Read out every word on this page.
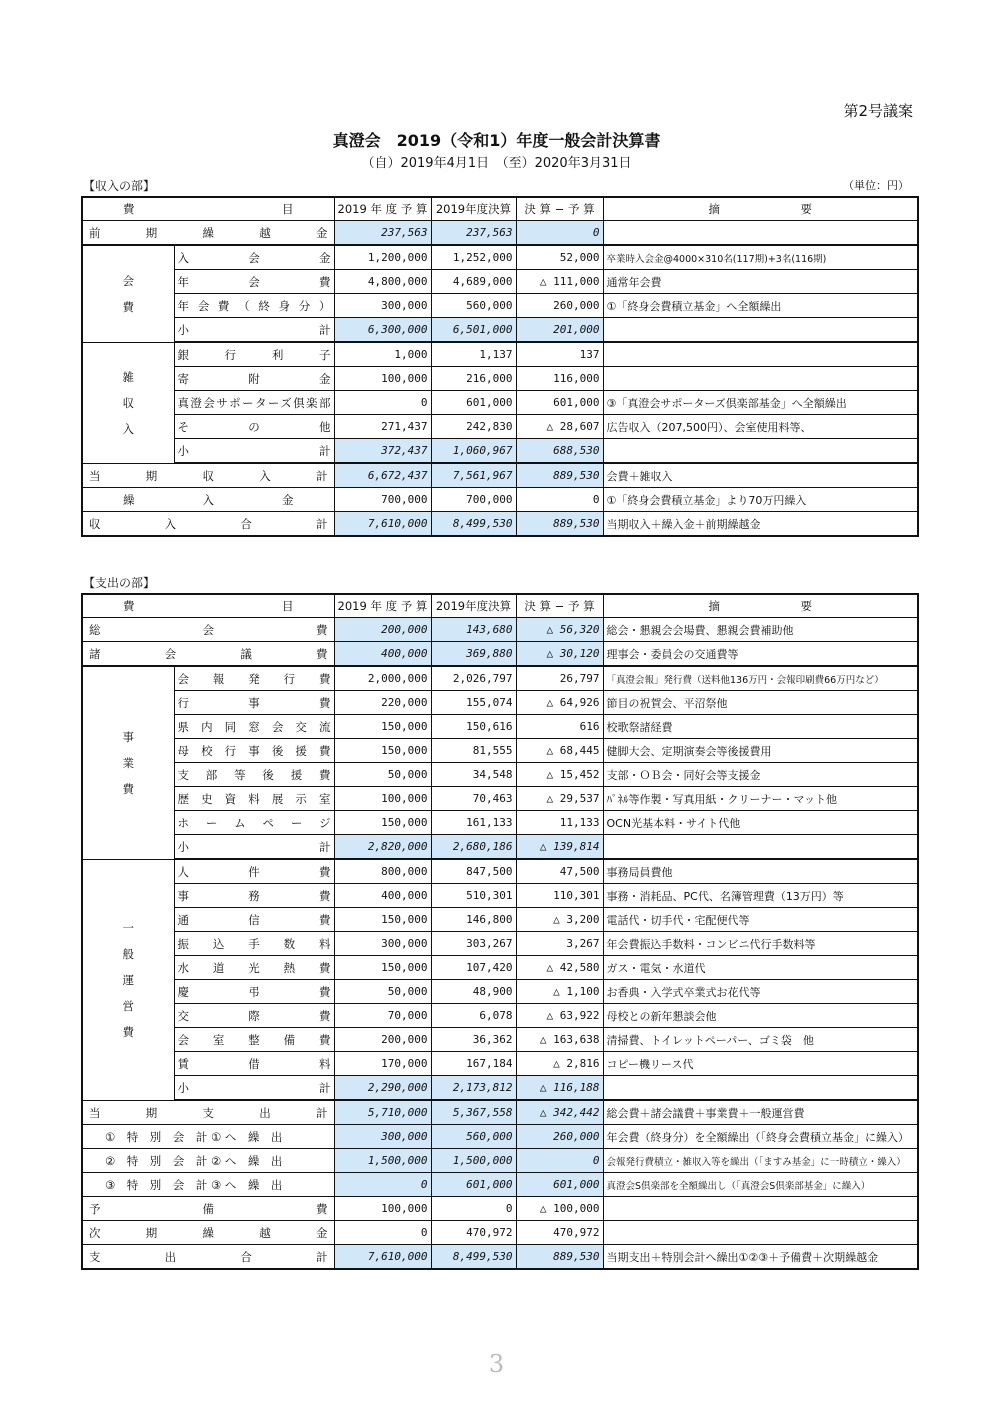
第2号議案
真澄会　2019（令和1）年度一般会計決算書
（自）2019年4月1日　（至）2020年3月31日
【収入の部】	（単位：円）
費　　　　　　　目		2019 年 度 予 算	2019年度決算	決 算 − 予 算	摘　　　　　　　要
前期繰越金		237,563	237,563	0	

会
費	入会金	1,200,000	1,252,000	52,000	卒業時入会金@4000×310名(117期)+3名(116期)
	年会費	4,800,000	4,689,000	△ 111,000	通常年会費
	年会費（終身分）	300,000	560,000	260,000	①「終身会費積立基金」へ全額繰出
	小　　　　　　計	6,300,000	6,501,000	201,000	

雑
収
入	銀行利子	1,000	1,137	137	
	寄附金	100,000	216,000	116,000	
	真澄会サポーターズ倶楽部	0	601,000	601,000	③「真澄会サポーターズ倶楽部基金」へ全額繰出
	その他	271,437	242,830	△ 28,607	広告収入（207,500円）、会室使用料等、
	小　　　　　　計	372,437	1,060,967	688,530	
当期収入計		6,672,437	7,561,967	889,530	会費＋雑収入
繰入金		700,000	700,000	0	①「終身会費積立基金」より70万円繰入
収入合計		7,610,000	8,499,530	889,530	当期収入＋繰入金＋前期繰越金
【支出の部】
費　　　　　　　目		2019 年 度 予 算	2019年度決算	決 算 − 予 算	摘　　　　　　　要
総会費		200,000	143,680	△ 56,320	総会・懇親会会場費、懇親会費補助他
諸会議費		400,000	369,880	△ 30,120	理事会・委員会の交通費等

事
業
費	会報発行費	2,000,000	2,026,797	26,797	「真澄会報」発行費（送料他136万円・会報印刷費66万円など）
	行事費	220,000	155,074	△ 64,926	節目の祝賀会、平沼祭他
	県内同窓会交流	150,000	150,616	616	校歌祭諸経費
	母校行事後援費	150,000	81,555	△ 68,445	健脚大会、定期演奏会等後援費用
	支部等後援費	50,000	34,548	△ 15,452	支部・ＯＢ会・同好会等支援金
	歴史資料展示室	100,000	70,463	△ 29,537	ﾊﾟﾈﾙ等作製・写真用紙・クリーナー・マット他
	ホームページ	150,000	161,133	11,133	OCN光基本料・サイト代他
	小　　　　　　計	2,820,000	2,680,186	△ 139,814	

一
般
運
営
費	人件費	800,000	847,500	47,500	事務局員費他
	事務費	400,000	510,301	110,301	事務・消耗品、PC代、名簿管理費（13万円）等
	通信費	150,000	146,800	△ 3,200	電話代・切手代・宅配便代等
	振込手数料	300,000	303,267	3,267	年会費振込手数料・コンビニ代行手数料等
	水道光熱費	150,000	107,420	△ 42,580	ガス・電気・水道代
	慶弔費	50,000	48,900	△ 1,100	お香典・入学式卒業式お花代等
	交際費	70,000	6,078	△ 63,922	母校との新年懇談会他
	会室整備費	200,000	36,362	△ 163,638	清掃費、トイレットペーパー、ゴミ袋　他
	賃借料	170,000	167,184	△ 2,816	コピー機リース代
	小　　　　　　計	2,290,000	2,173,812	△ 116,188	
当期支出計		5,710,000	5,367,558	△ 342,442	総会費＋諸会議費＋事業費＋一般運営費
①　特　別　会　計 ① へ　繰　出		300,000	560,000	260,000	年会費（終身分）を全額繰出（「終身会費積立基金」に繰入）
②　特　別　会　計 ② へ　繰　出		1,500,000	1,500,000	0	会報発行費積立・雑収入等を繰出（「ますみ基金」に一時積立・繰入）
③　特　別　会　計 ③ へ　繰　出		0	601,000	601,000	真澄会S倶楽部を全額繰出し（「真澄会S倶楽部基金」に繰入）
予備費		100,000	0	△ 100,000	
次期繰越金		0	470,972	470,972	
支出合計		7,610,000	8,499,530	889,530	当期支出＋特別会計へ繰出①②③＋予備費＋次期繰越金
3
